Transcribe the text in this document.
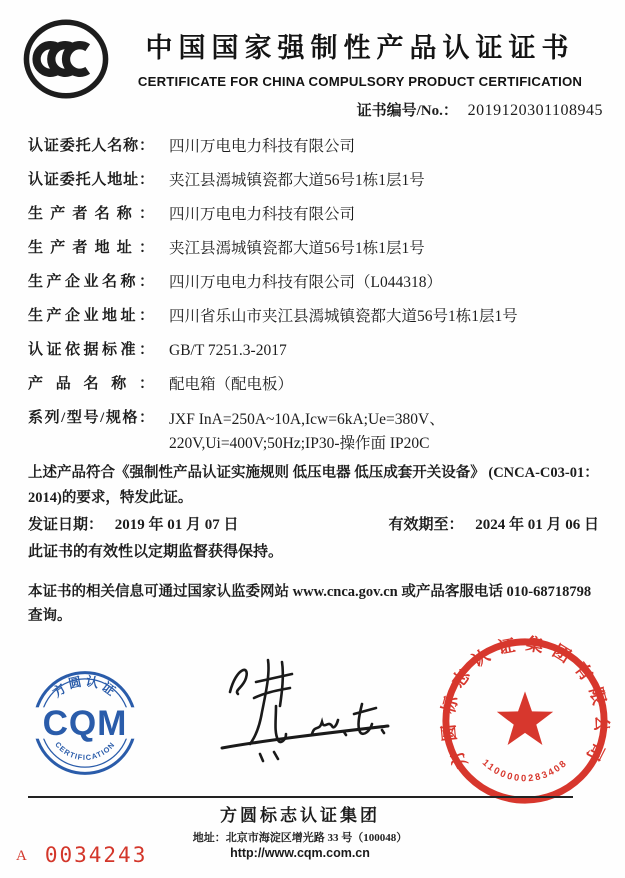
中国国家强制性产品认证证书
CERTIFICATE FOR CHINA COMPULSORY PRODUCT CERTIFICATION
证书编号/No.： 2019120301108945
认证委托人名称： 四川万电电力科技有限公司
认证委托人地址： 夹江县漹城镇瓷都大道56号1栋1层1号
生产者名称： 四川万电电力科技有限公司
生产者地址： 夹江县漹城镇瓷都大道56号1栋1层1号
生产企业名称： 四川万电电力科技有限公司（L044318）
生产企业地址： 四川省乐山市夹江县漹城镇瓷都大道56号1栋1层1号
认证依据标准： GB/T 7251.3-2017
产品名称： 配电箱（配电板）
系列/型号/规格： JXF InA=250A~10A,Icw=6kA;Ue=380V、220V,Ui=400V;50Hz;IP30-操作面 IP20C
上述产品符合《强制性产品认证实施规则 低压电器 低压成套开关设备》 (CNCA-C03-01：2014)的要求，特发此证。
发证日期： 2019 年 01 月 07 日	有效期至： 2024 年 01 月 06 日
此证书的有效性以定期监督获得保持。
本证书的相关信息可通过国家认监委网站 www.cnca.gov.cn 或产品客服电话 010-68718798 查询。
方圆认证
CERTIFICATION
CQM
方圆标志认证集团有限公司
1100000283408
方圆标志认证集团
地址：北京市海淀区增光路 33 号（100048）
http://www.cqm.com.cn
A 0034243
